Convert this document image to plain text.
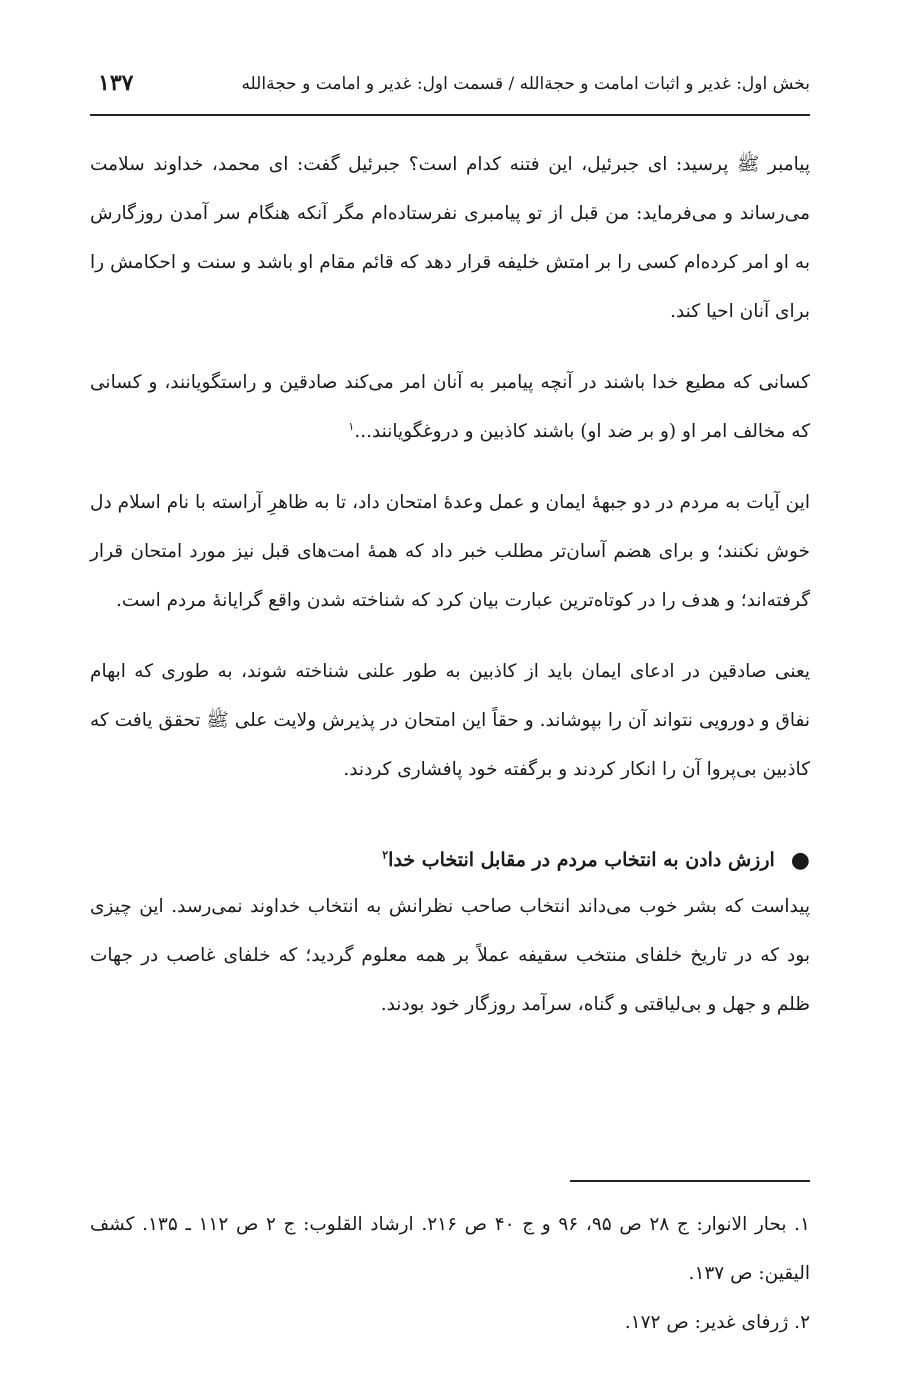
بخش اول: غدیر و اثبات امامت و حجةالله / قسمت اول: غدیر و امامت و حجةالله
۱۳۷

پیامبر ﷺ پرسید: ای جبرئیل، این فتنه کدام است؟ جبرئیل گفت: ای محمد، خداوند سلامت می‌رساند و می‌فرماید: من قبل از تو پیامبری نفرستاده‌ام مگر آنکه هنگام سر آمدن روزگارش به او امر کرده‌ام کسی را بر امتش خلیفه قرار دهد که قائم مقام او باشد و سنت و احکامش را برای آنان احیا کند.

کسانی که مطیع خدا باشند در آنچه پیامبر به آنان امر می‌کند صادقین و راستگویانند، و کسانی که مخالف امر او (و بر ضد او) باشند کاذبین و دروغگویانند...$^۱$

این آیات به مردم در دو جبهۀ ایمان و عمل وعدۀ امتحان داد، تا به ظاهرِ آراسته با نام اسلام دل خوش نکنند؛ و برای هضم آسان‌تر مطلب خبر داد که همۀ امت‌های قبل نیز مورد امتحان قرار گرفته‌اند؛ و هدف را در کوتاه‌ترین عبارت بیان کرد که شناخته شدن واقع گرایانۀ مردم است.

یعنی صادقین در ادعای ایمان باید از کاذبین به طور علنی شناخته شوند، به طوری که ابهام نفاق و دورویی نتواند آن را بپوشاند. و حقاً این امتحان در پذیرش ولایت علی ﷺ تحقق یافت که کاذبین بی‌پروا آن را انکار کردند و برگفته خود پافشاری کردند.

●
ارزش دادن به انتخاب مردم در مقابل انتخاب خدا$^۲$

پیداست که بشر خوب می‌داند انتخاب صاحب نظرانش به انتخاب خداوند نمی‌رسد. این چیزی بود که در تاریخ خلفای منتخب سقیفه عملاً بر همه معلوم گردید؛ که خلفای غاصب در جهات ظلم و جهل و بی‌لیاقتی و گناه، سرآمد روزگار خود بودند.

۱. بحار الانوار: ج ۲۸ ص ۹۵، ۹۶ و ج ۴۰ ص ۲۱۶. ارشاد القلوب: ج ۲ ص ۱۱۲ ـ ۱۳۵. کشف الیقین: ص ۱۳۷.

۲. ژرفای غدیر: ص ۱۷۲.
